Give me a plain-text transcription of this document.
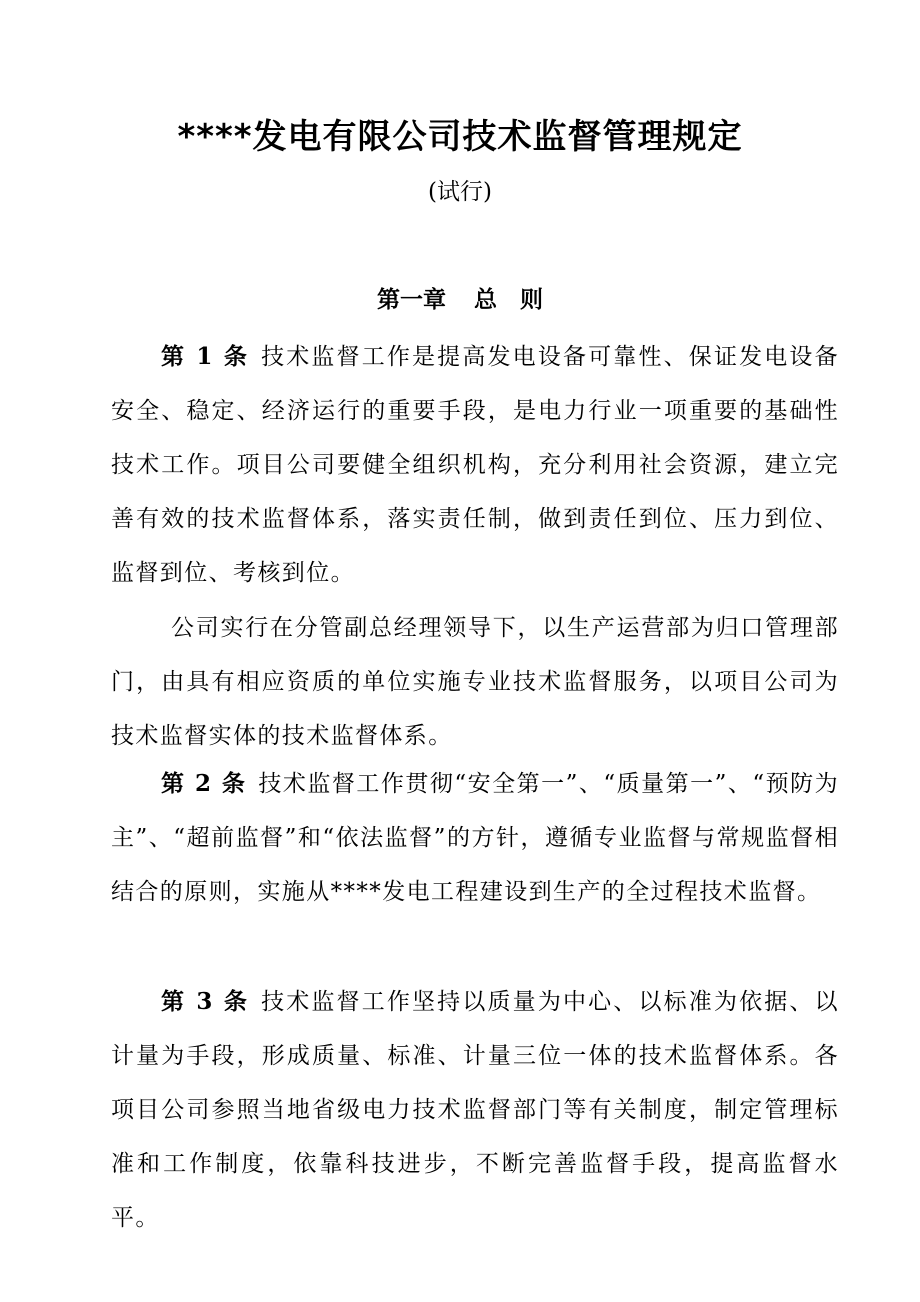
****发电有限公司技术监督管理规定
(试行)
第一章 总　则

第 1 条 技术监督工作是提高发电设备可靠性、保证发电设备安全、稳定、经济运行的重要手段，是电力行业一项重要的基础性技术工作。项目公司要健全组织机构，充分利用社会资源，建立完善有效的技术监督体系，落实责任制，做到责任到位、压力到位、监督到位、考核到位。

公司实行在分管副总经理领导下，以生产运营部为归口管理部门，由具有相应资质的单位实施专业技术监督服务，以项目公司为技术监督实体的技术监督体系。

第 2 条 技术监督工作贯彻“安全第一”、“质量第一”、“预防为主”、“超前监督”和“依法监督”的方针，遵循专业监督与常规监督相结合的原则，实施从****发电工程建设到生产的全过程技术监督。

第 3 条 技术监督工作坚持以质量为中心、以标准为依据、以计量为手段，形成质量、标准、计量三位一体的技术监督体系。各项目公司参照当地省级电力技术监督部门等有关制度，制定管理标准和工作制度，依靠科技进步，不断完善监督手段，提高监督水平。
